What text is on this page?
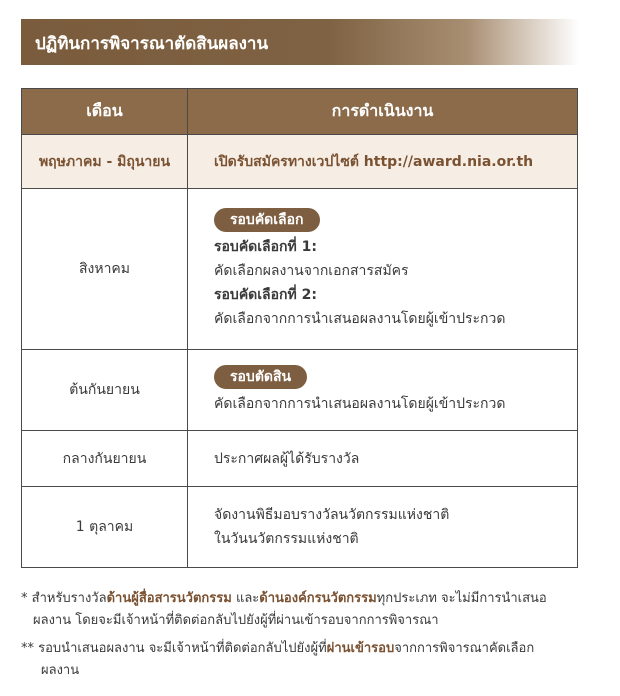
ปฏิทินการพิจารณาตัดสินผลงาน
เดือน	การดำเนินงาน
พฤษภาคม - มิถุนายน	เปิดรับสมัครทางเวปไซต์ http://award.nia.or.th
สิงหาคม	รอบคัดเลือก
รอบคัดเลือกที่ 1:
คัดเลือกผลงานจากเอกสารสมัคร
รอบคัดเลือกที่ 2:
คัดเลือกจากการนำเสนอผลงานโดยผู้เข้าประกวด

ต้นกันยายน	รอบตัดสิน
คัดเลือกจากการนำเสนอผลงานโดยผู้เข้าประกวด

กลางกันยายน	ประกาศผลผู้ได้รับรางวัล
1 ตุลาคม	จัดงานพิธีมอบรางวัลนวัตกรรมแห่งชาติ
ในวันนวัตกรรมแห่งชาติ
* สำหรับรางวัลด้านผู้สื่อสารนวัตกรรม และด้านองค์กรนวัตกรรมทุกประเภท จะไม่มีการนำเสนอ
ผลงาน โดยจะมีเจ้าหน้าที่ติดต่อกลับไปยังผู้ที่ผ่านเข้ารอบจากการพิจารณา
** รอบนำเสนอผลงาน จะมีเจ้าหน้าที่ติดต่อกลับไปยังผู้ที่ผ่านเข้ารอบจากการพิจารณาคัดเลือก
ผลงาน
